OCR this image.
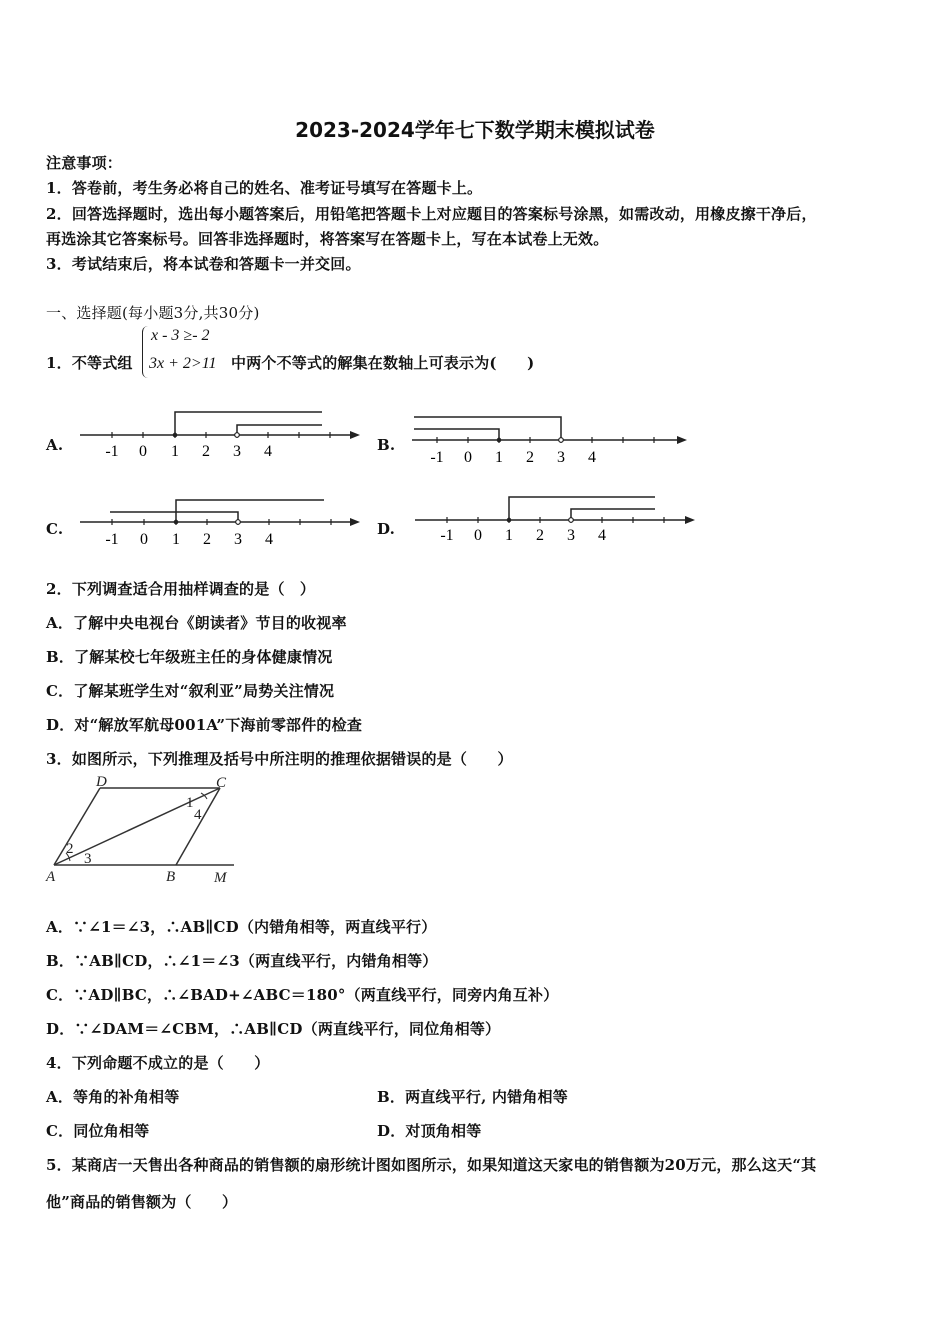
2023-2024学年七下数学期末模拟试卷
注意事项：
1．答卷前，考生务必将自己的姓名、准考证号填写在答题卡上。
2．回答选择题时，选出每小题答案后，用铅笔把答题卡上对应题目的答案标号涂黑，如需改动，用橡皮擦干净后，
再选涂其它答案标号。回答非选择题时，将答案写在答题卡上，写在本试卷上无效。
3．考试结束后，将本试卷和答题卡一并交回。
一、选择题(每小题3分,共30分)
1．不等式组
x - 3 ≥- 2
3x + 2>11 中两个不等式的解集在数轴上可表示为(　　)
A.	B.
C.	D.
-1 0 1 2 3 4	-1 0 1 2 3 4
-1 0 1 2 3 4	-1 0 1 2 3 4
2．下列调查适合用抽样调查的是（　）
A．了解中央电视台《朗读者》节目的收视率
B．了解某校七年级班主任的身体健康情况
C．了解某班学生对“叙利亚”局势关注情况
D．对“解放军航母001A”下海前零部件的检查
3．如图所示，下列推理及括号中所注明的推理依据错误的是（　　）
D	C
1
4
2
3
A	B	M
A．∵∠1＝∠3，∴AB∥CD（内错角相等，两直线平行）
B．∵AB∥CD，∴∠1＝∠3（两直线平行，内错角相等）
C．∵AD∥BC，∴∠BAD+∠ABC＝180°（两直线平行，同旁内角互补）
D．∵∠DAM＝∠CBM，∴AB∥CD（两直线平行，同位角相等）
4．下列命题不成立的是（　　）
A．等角的补角相等	B．两直线平行, 内错角相等
C．同位角相等	D．对顶角相等
5．某商店一天售出各种商品的销售额的扇形统计图如图所示，如果知道这天家电的销售额为20万元，那么这天“其
他”商品的销售额为（　　）
